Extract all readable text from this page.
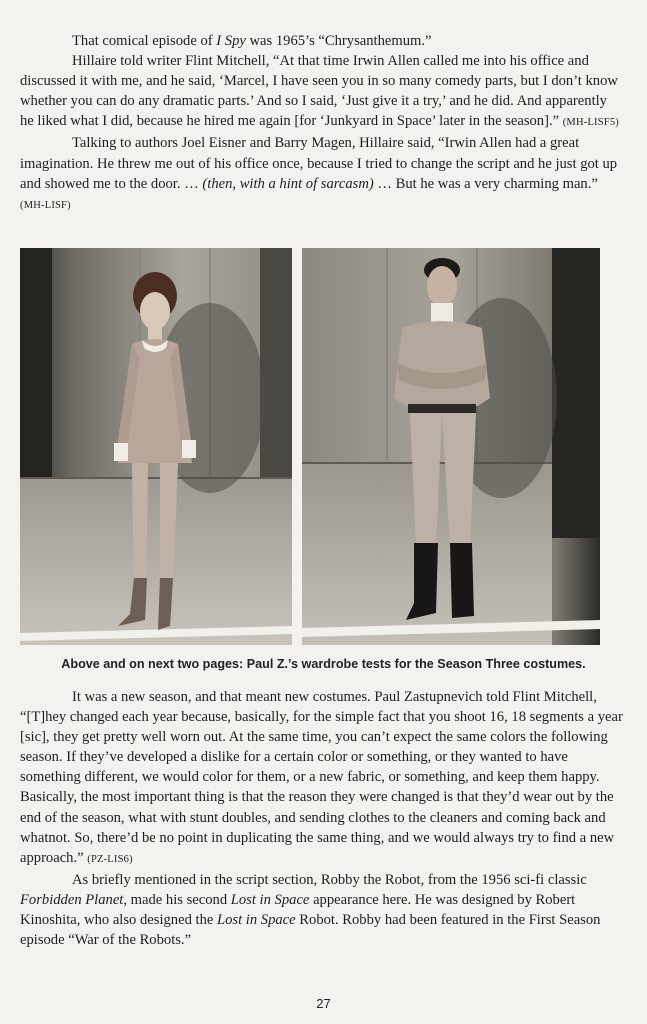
That comical episode of I Spy was 1965’s “Chrysanthemum.”

Hillaire told writer Flint Mitchell, “At that time Irwin Allen called me into his office and discussed it with me, and he said, ‘Marcel, I have seen you in so many comedy parts, but I don’t know whether you can do any dramatic parts.’ And so I said, ‘Just give it a try,’ and he did. And apparently he liked what I did, because he hired me again [for ‘Junkyard in Space’ later in the season].” (MH-LISF5)

Talking to authors Joel Eisner and Barry Magen, Hillaire said, “Irwin Allen had a great imagination. He threw me out of his office once, because I tried to change the script and he just got up and showed me to the door. … (then, with a hint of sarcasm) … But he was a very charming man.” (MH-LISF)

Above and on next two pages: Paul Z.’s wardrobe tests for the Season Three costumes.

It was a new season, and that meant new costumes. Paul Zastupnevich told Flint Mitchell, “[T]hey changed each year because, basically, for the simple fact that you shoot 16, 18 segments a year [sic], they get pretty well worn out. At the same time, you can’t expect the same colors the following season. If they’ve developed a dislike for a certain color or something, or they wanted to have something different, we would color for them, or a new fabric, or something, and keep them happy. Basically, the most important thing is that the reason they were changed is that they’d wear out by the end of the season, what with stunt doubles, and sending clothes to the cleaners and coming back and whatnot. So, there’d be no point in duplicating the same thing, and we would always try to find a new approach.” (PZ-LIS6)

As briefly mentioned in the script section, Robby the Robot, from the 1956 sci-fi classic Forbidden Planet, made his second Lost in Space appearance here. He was designed by Robert Kinoshita, who also designed the Lost in Space Robot. Robby had been featured in the First Season episode “War of the Robots.”

27
